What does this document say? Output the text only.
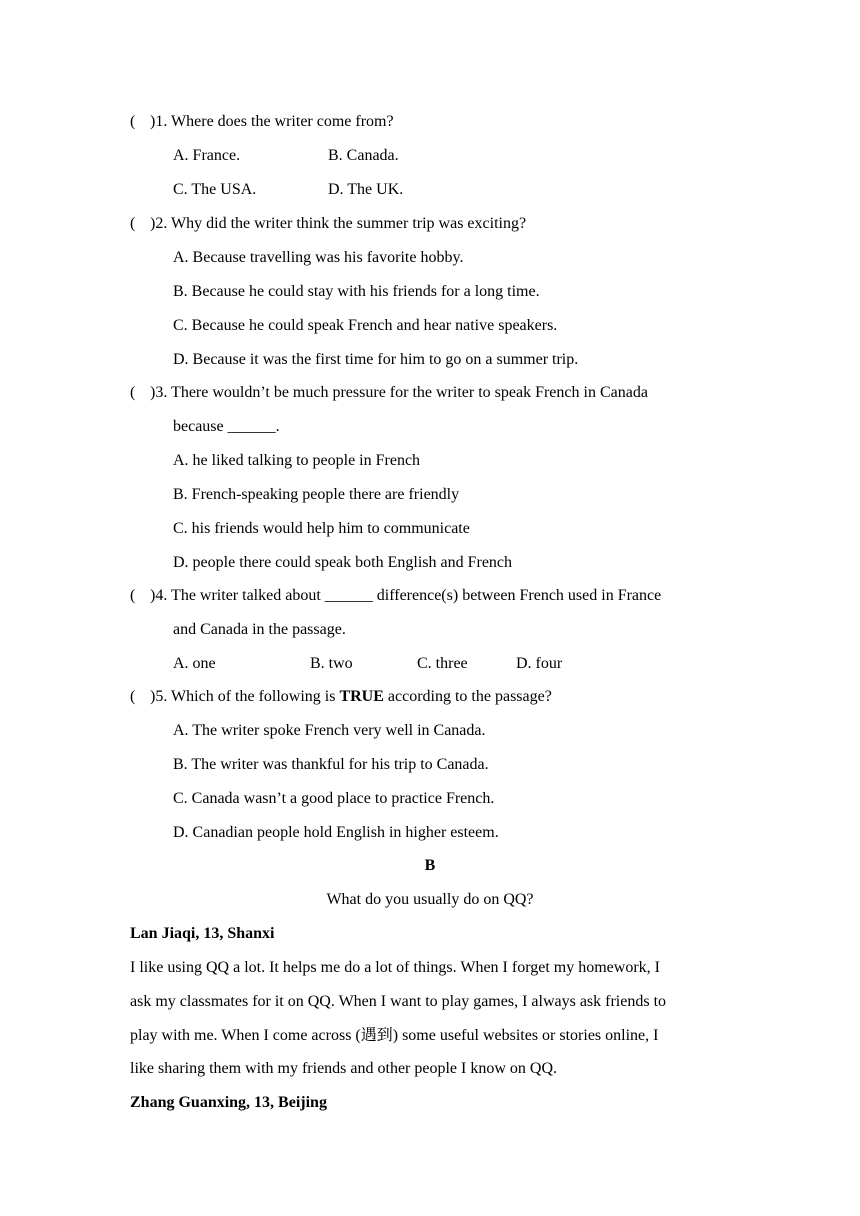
( )1. Where does the writer come from?
A. France.	B. Canada.
C. The USA.	D. The UK.
( )2. Why did the writer think the summer trip was exciting?
A. Because travelling was his favorite hobby.
B. Because he could stay with his friends for a long time.
C. Because he could speak French and hear native speakers.
D. Because it was the first time for him to go on a summer trip.
( )3. There wouldn’t be much pressure for the writer to speak French in Canada
because ______.
A. he liked talking to people in French
B. French-speaking people there are friendly
C. his friends would help him to communicate
D. people there could speak both English and French
( )4. The writer talked about ______ difference(s) between French used in France
and Canada in the passage.
A. one	B. two	C. three	D. four
( )5. Which of the following is TRUE according to the passage?
A. The writer spoke French very well in Canada.
B. The writer was thankful for his trip to Canada.
C. Canada wasn’t a good place to practice French.
D. Canadian people hold English in higher esteem.
B
What do you usually do on QQ?
Lan Jiaqi, 13, Shanxi
I like using QQ a lot. It helps me do a lot of things. When I forget my homework, I
ask my classmates for it on QQ. When I want to play games, I always ask friends to
play with me. When I come across (遇到) some useful websites or stories online, I
like sharing them with my friends and other people I know on QQ.
Zhang Guanxing, 13, Beijing
